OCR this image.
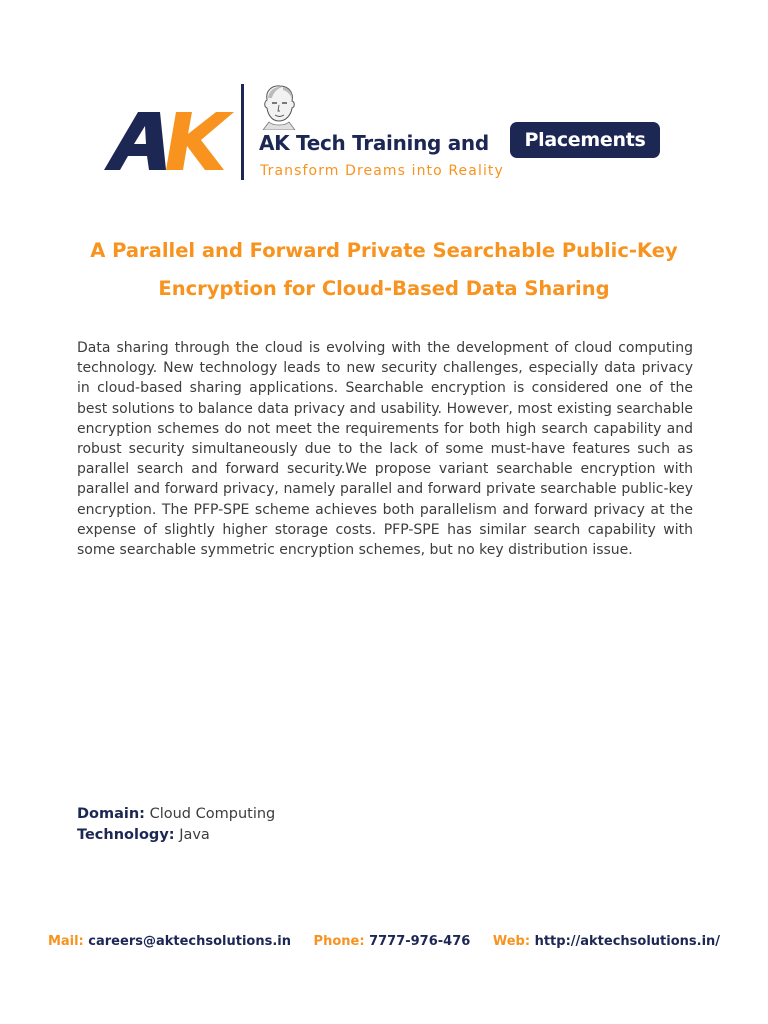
AK Tech Training and	Placements
Transform Dreams into Reality
A Parallel and Forward Private Searchable Public-Key
Encryption for Cloud-Based Data Sharing

Data sharing through the cloud is evolving with the development of cloud computing technology. New technology leads to new security challenges, especially data privacy in cloud-based sharing applications. Searchable encryption is considered one of the best solutions to balance data privacy and usability. However, most existing searchable encryption schemes do not meet the requirements for both high search capability and robust security simultaneously due to the lack of some must-have features such as parallel search and forward security.We propose variant searchable encryption with parallel and forward privacy, namely parallel and forward private searchable public-key encryption. The PFP-SPE scheme achieves both parallelism and forward privacy at the expense of slightly higher storage costs. PFP-SPE has similar search capability with some searchable symmetric encryption schemes, but no key distribution issue.

Domain: Cloud Computing
Technology: Java
Mail: careers@aktechsolutions.in Phone: 7777-976-476 Web: http://aktechsolutions.in/
